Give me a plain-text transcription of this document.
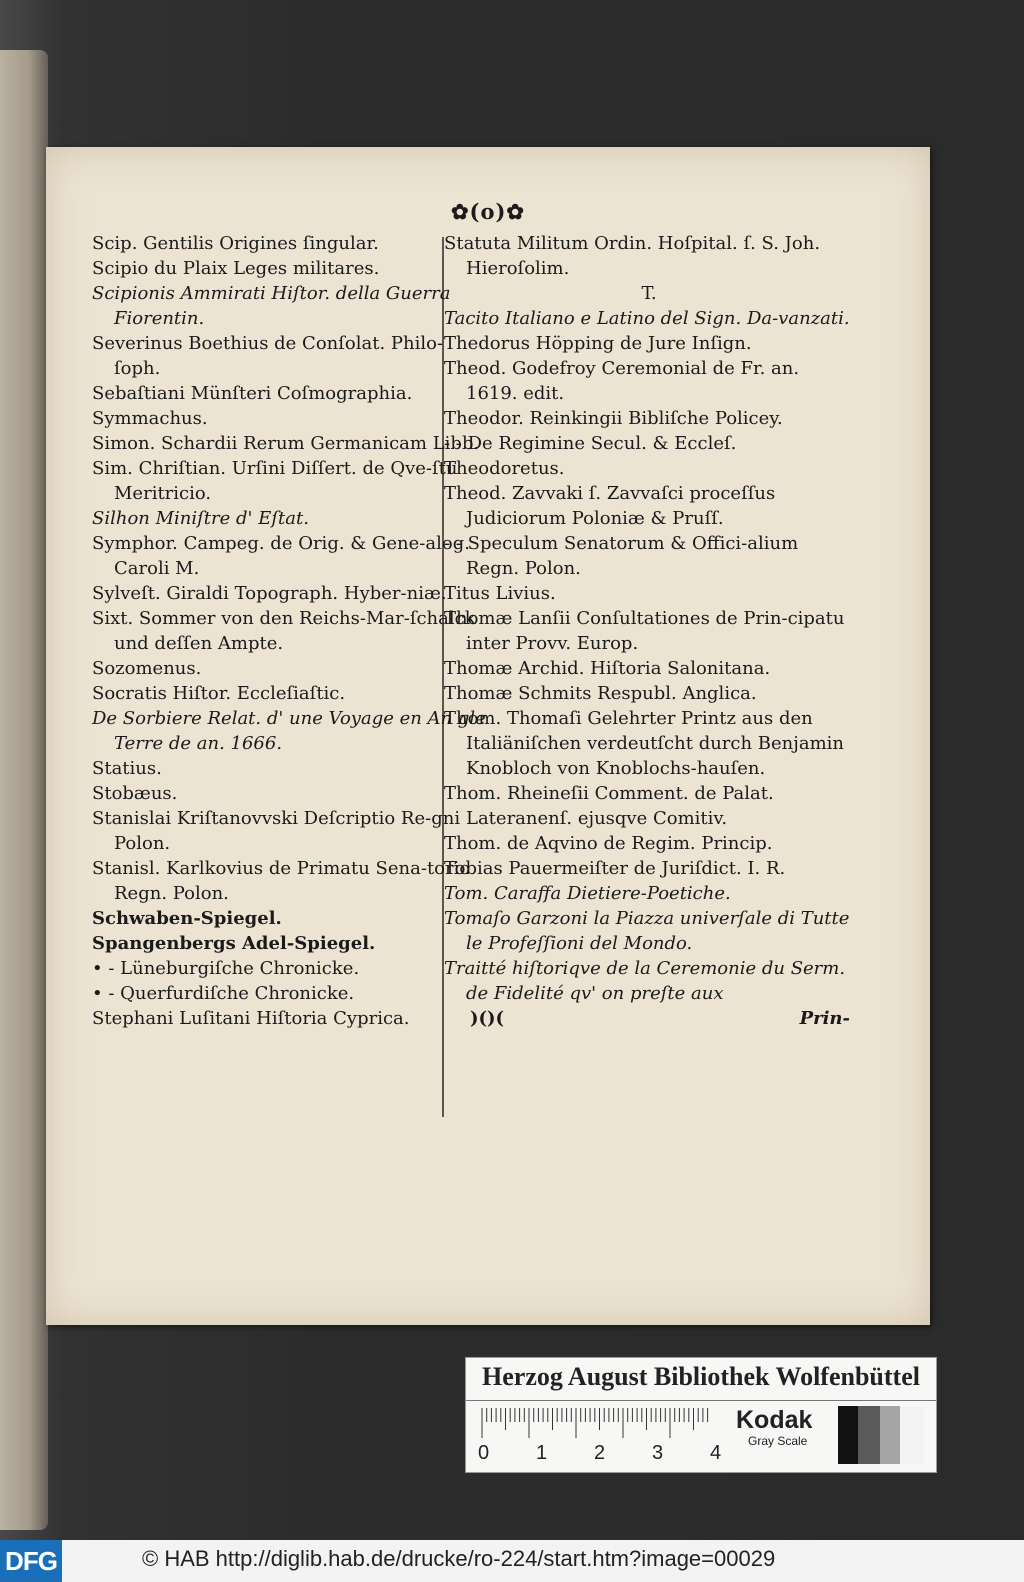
✿(o)✿
Scip. Gentilis Origines ſingular.
Scipio du Plaix Leges militares.
Scipionis Ammirati Hiſtor. della Guerra Fiorentin.
Severinus Boethius de Conſolat. Philo-ſoph.
Sebaſtiani Münſteri Coſmographia.
Symmachus.
Simon. Schardii Rerum Germanicam Libb.
Sim. Chriſtian. Urſini Diſſert. de Qve-ſtu Meritricio.
Silhon Miniſtre d' Eſtat.
Symphor. Campeg. de Orig. & Gene-alog. Caroli M.
Sylveſt. Giraldi Topograph. Hyber-niæ.
Sixt. Sommer von den Reichs-Mar-ſchalck und deſſen Ampte.
Sozomenus.
Socratis Hiſtor. Eccleſiaſtic.
De Sorbiere Relat. d' une Voyage en An gle Terre de an. 1666.
Statius.
Stobæus.
Stanislai Kriſtanovvski Deſcriptio Re-gni Polon.
Stanisl. Karlkovius de Primatu Sena-torio Regn. Polon.
Schwaben-Spiegel.
Spangenbergs Adel-Spiegel.
• - Lüneburgiſche Chronicke.
• - Querfurdiſche Chronicke.
Stephani Luſitani Hiſtoria Cyprica.
Statuta Militum Ordin. Hoſpital. ſ. S. Joh. Hieroſolim.
T.
Tacito Italiano e Latino del Sign. Da-vanzati.
Thedorus Höpping de Jure Inſign.
Theod. Godefroy Ceremonial de Fr. an. 1619. edit.
Theodor. Reinkingii Bibliſche Policey.
- - De Regimine Secul. & Eccleſ.
Theodoretus.
Theod. Zavvaki ſ. Zavvaſci proceſſus Judiciorum Poloniæ & Pruſſ.
- - Speculum Senatorum & Offici-alium Regn. Polon.
Titus Livius.
Thomæ Lanſii Conſultationes de Prin-cipatu inter Provv. Europ.
Thomæ Archid. Hiſtoria Salonitana.
Thomæ Schmits Respubl. Anglica.
Thom. Thomaſi Gelehrter Printz aus den Italiäniſchen verdeutſcht durch Benjamin Knobloch von Knoblochs-hauſen.
Thom. Rheineſii Comment. de Palat. Lateranenſ. ejusqve Comitiv.
Thom. de Aqvino de Regim. Princip.
Tobias Pauermeiſter de Juriſdict. I. R.
Tom. Caraffa Dietiere-Poetiche.
Tomaſo Garzoni la Piazza univerſale di Tutte le Profeſſioni del Mondo.
Traitté hiſtoriqve de la Ceremonie du Serm. de Fidelité qv' on preſte aux
)()(	Prin-
Herzog August Bibliothek Wolfenbüttel
0 1 2 3 4
Kodak
Gray Scale
DFG	© HAB http://diglib.hab.de/drucke/ro-224/start.htm?image=00029
